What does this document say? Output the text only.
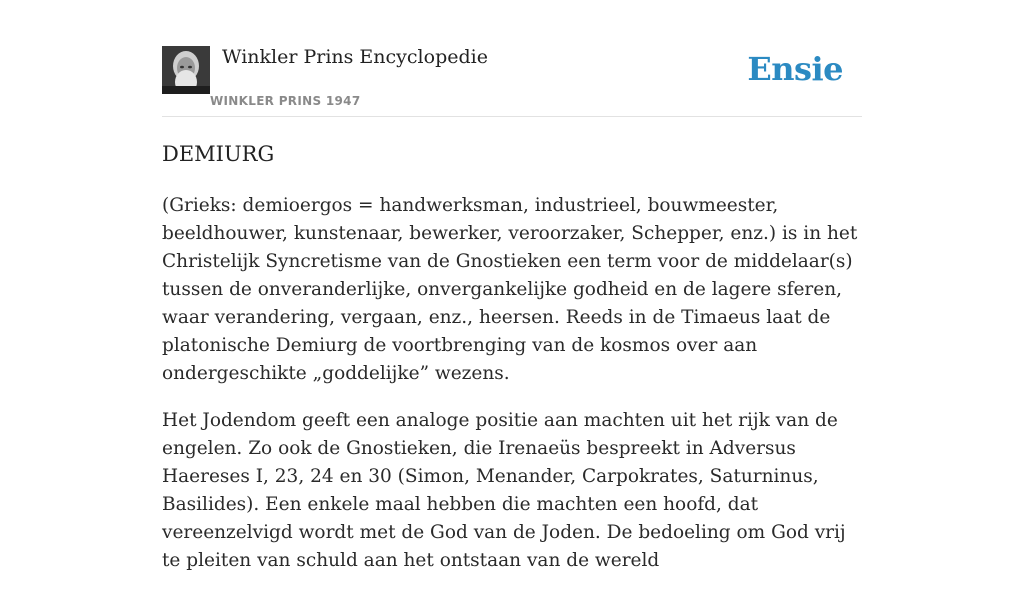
Winkler Prins Encyclopedie
WINKLER PRINS 1947
Ensie
DEMIURG

(Grieks: demioergos = handwerksman, industrieel, bouwmeester, beeldhouwer, kunstenaar, bewerker, veroorzaker, Schepper, enz.) is in het Christelijk Syncretisme van de Gnostieken een term voor de middelaar(s) tussen de onveranderlijke, onvergankelijke godheid en de lagere sferen, waar verandering, vergaan, enz., heersen. Reeds in de Timaeus laat de platonische Demiurg de voortbrenging van de kosmos over aan ondergeschikte „goddelijke” wezens.

Het Jodendom geeft een analoge positie aan machten uit het rijk van de engelen. Zo ook de Gnostieken, die Irenaeüs bespreekt in Adversus Haereses I, 23, 24 en 30 (Simon, Menander, Carpokrates, Saturninus, Basilides). Een enkele maal hebben die machten een hoofd, dat vereenzelvigd wordt met de God van de Joden. De bedoeling om God vrij te pleiten van schuld aan het ontstaan van de wereld
